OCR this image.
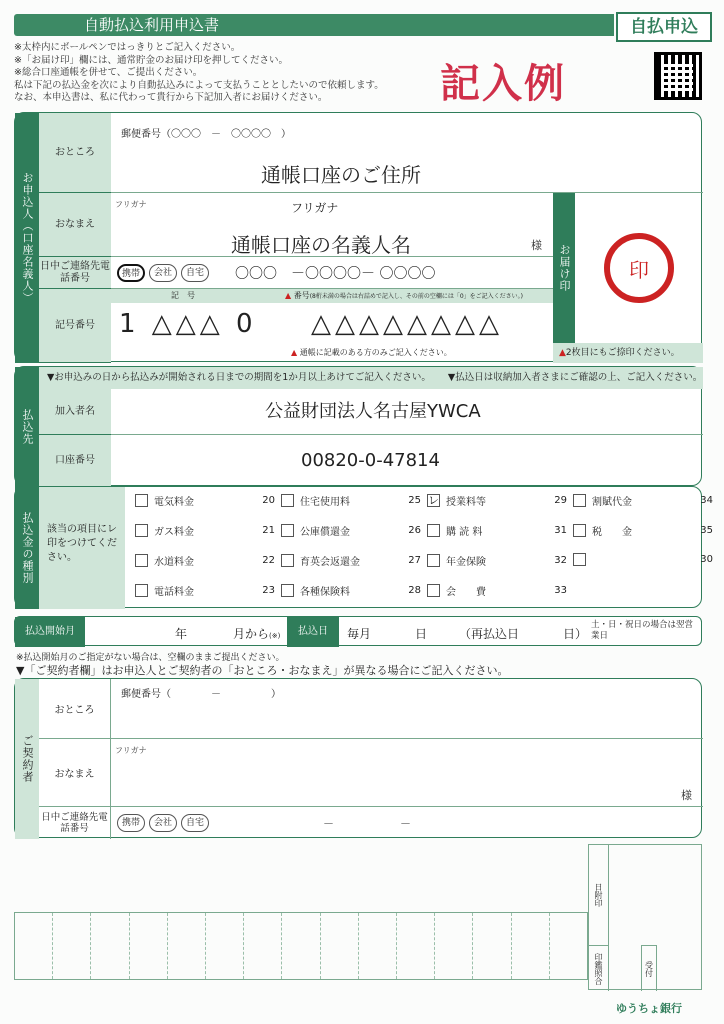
自動払込利用申込書	自払申込
※太枠内にボールペンではっきりとご記入ください。
※「お届け印」欄には、通常貯金のお届け印を押してください。
※総合口座通帳を併せて、ご提出ください。
私は下記の払込金を次により自動払込みによって支払うこととしたいので依頼します。
なお、本申込書は、私に代わって貴行から下記加入者にお届けください。	記入例
お申込人（口座名義人）
おところ
郵便番号（〇〇〇　－　〇〇〇〇　）
通帳口座のご住所
おなまえ
フリガナ	フリガナ
通帳口座の名義人名	様
日中ご連絡先電話番号	携帯	会社	自宅	〇〇〇　－〇〇〇〇－ 〇〇〇〇
記号番号
記　号	▲ 番号(8桁未満の場合は右詰めで記入し、その前の空欄には「0」をご記入ください。)
1 △△△ 0 △△△△△△△△
▲ 通帳に記載のある方のみご記入ください。
お届け印	印
▲2枚目にもご捺印ください。
払込先
▼お申込みの日から払込みが開始される日までの期間を1か月以上あけてご記入ください。 ▼払込日は収納加入者さまにご確認の上、ご記入ください。
加入者名	公益財団法人名古屋YWCA
口座番号	00820-0-47814
払込金の種別	該当の項目にレ印をつけてください。
電気料金	20	住宅使用料	25 レ 授業料等	29	割賦代金	34
ガス料金	21	公庫償還金	26	購 読 料	31	税　　金	35
水道料金	22	育英会返還金	27	年金保険	32	30
電話料金	23	各種保険料	28	会　　費	33
払込開始月	年	月から(※)	払込日	毎月	日	（再払込日	日）
土・日・祝日の場合は翌営業日
※払込開始月のご指定がない場合は、空欄のままご提出ください。
▼「ご契約者欄」はお申込人とご契約者の「おところ・おなまえ」が異なる場合にご記入ください。
ご契約者
おところ
郵便番号（　　　　－　　　　　）
おなまえ
フリガナ
様
日中ご連絡先電話番号	携帯	会社	自宅	－　　　　　　－
日附印
印鑑照合	受付
ゆうちょ銀行
